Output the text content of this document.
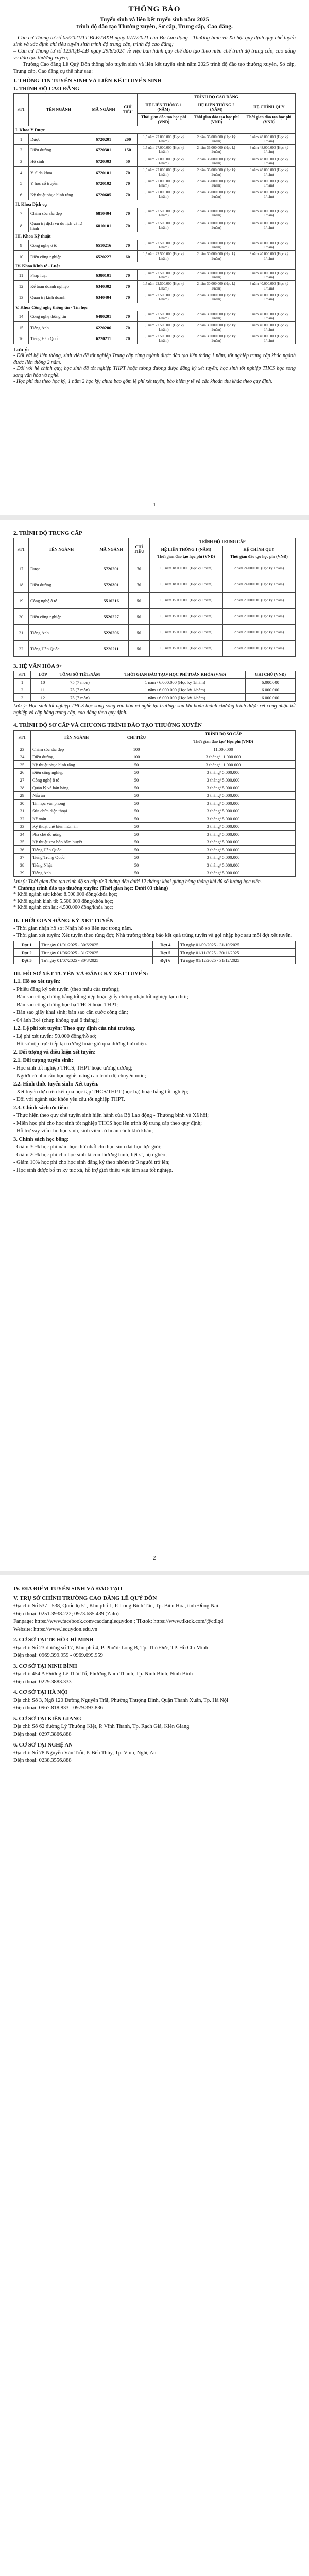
THÔNG BÁO
Tuyển sinh và liên kết tuyển sinh năm 2025
trình độ đào tạo Thường xuyên, Sơ cấp, Trung cấp, Cao đẳng.

– Căn cứ Thông tư số 05/2021/TT-BLĐTBXH ngày 07/7/2021 của Bộ Lao động - Thương binh và Xã hội quy định quy chế tuyển sinh và xác định chỉ tiêu tuyển sinh trình độ trung cấp, trình độ cao đẳng;

– Căn cứ Thông tư số 123/QĐ-LĐ ngày 29/8/2024 về việc ban hành quy chế đào tạo theo niên chế trình độ trung cấp, cao đẳng và đào tạo thường xuyên;

Trường Cao đẳng Lê Quý Đôn thông báo tuyển sinh và liên kết tuyển sinh năm 2025 trình độ đào tạo thường xuyên, Sơ cấp, Trung cấp, Cao đẳng cụ thể như sau:

I. THÔNG TIN TUYỂN SINH VÀ LIÊN KẾT TUYỂN SINH
1. TRÌNH ĐỘ CAO ĐẲNG
STT	TÊN NGÀNH	MÃ NGÀNH	CHỈ TIÊU	TRÌNH ĐỘ CAO ĐẲNG		
				HỆ LIÊN THÔNG 1 (NĂM)	HỆ LIÊN THÔNG 2 (NĂM)	HỆ CHÍNH QUY
				Thời gian đào tạo học phí (VNĐ)	Thời gian đào tạo học phí (VNĐ)	Thời gian đào tạo học phí (VNĐ)
I. Khoa Y Dược						
1	Dược	6720201	200	1,5 năm 27.000.000 (Học kỳ 1/năm)	2 năm 36.000.000 (Học kỳ 1/năm)	3 năm 48.000.000 (Học kỳ 1/năm)
2	Điều dưỡng	6720301	150	1,5 năm 27.000.000 (Học kỳ 1/năm)	2 năm 36.000.000 (Học kỳ 1/năm)	3 năm 48.000.000 (Học kỳ 1/năm)
3	Hộ sinh	6720303	50	1,5 năm 27.000.000 (Học kỳ 1/năm)	2 năm 36.000.000 (Học kỳ 1/năm)	3 năm 48.000.000 (Học kỳ 1/năm)
4	Y sĩ đa khoa	6720101	70	1,5 năm 27.000.000 (Học kỳ 1/năm)	2 năm 36.000.000 (Học kỳ 1/năm)	3 năm 48.000.000 (Học kỳ 1/năm)
5	Y học cổ truyền	6720102	70	1,5 năm 27.000.000 (Học kỳ 1/năm)	2 năm 36.000.000 (Học kỳ 1/năm)	3 năm 48.000.000 (Học kỳ 1/năm)
6	Kỹ thuật phục hình răng	6720605	70	1,5 năm 27.000.000 (Học kỳ 1/năm)	2 năm 36.000.000 (Học kỳ 1/năm)	3 năm 48.000.000 (Học kỳ 1/năm)
II. Khoa Dịch vụ						
7	Chăm sóc sắc đẹp	6810404	70	1,5 năm 22.500.000 (Học kỳ 1/năm)	2 năm 30.000.000 (Học kỳ 1/năm)	3 năm 40.000.000 (Học kỳ 1/năm)
8	Quản trị dịch vụ du lịch và lữ hành	6810101	70	1,5 năm 22.500.000 (Học kỳ 1/năm)	2 năm 30.000.000 (Học kỳ 1/năm)	3 năm 40.000.000 (Học kỳ 1/năm)
III. Khoa Kỹ thuật						
9	Công nghệ ô tô	6510216	70	1,5 năm 22.500.000 (Học kỳ 1/năm)	2 năm 30.000.000 (Học kỳ 1/năm)	3 năm 40.000.000 (Học kỳ 1/năm)
10	Điện công nghiệp	6520227	60	1,5 năm 22.500.000 (Học kỳ 1/năm)	2 năm 30.000.000 (Học kỳ 1/năm)	3 năm 40.000.000 (Học kỳ 1/năm)
IV. Khoa Kinh tế - Luật						
11	Pháp luật	6380101	70	1,5 năm 22.500.000 (Học kỳ 1/năm)	2 năm 30.000.000 (Học kỳ 1/năm)	3 năm 40.000.000 (Học kỳ 1/năm)
12	Kế toán doanh nghiệp	6340302	70	1,5 năm 22.500.000 (Học kỳ 1/năm)	2 năm 30.000.000 (Học kỳ 1/năm)	3 năm 40.000.000 (Học kỳ 1/năm)
13	Quản trị kinh doanh	6340404	70	1,5 năm 22.500.000 (Học kỳ 1/năm)	2 năm 30.000.000 (Học kỳ 1/năm)	3 năm 40.000.000 (Học kỳ 1/năm)
V. Khoa Công nghệ thông tin - Tin học						
14	Công nghệ thông tin	6480201	70	1,5 năm 22.500.000 (Học kỳ 1/năm)	2 năm 30.000.000 (Học kỳ 1/năm)	3 năm 40.000.000 (Học kỳ 1/năm)
15	Tiếng Anh	6220206	70	1,5 năm 22.500.000 (Học kỳ 1/năm)	2 năm 30.000.000 (Học kỳ 1/năm)	3 năm 40.000.000 (Học kỳ 1/năm)
16	Tiếng Hàn Quốc	6220211	70	1,5 năm 22.500.000 (Học kỳ 1/năm)	2 năm 30.000.000 (Học kỳ 1/năm)	3 năm 40.000.000 (Học kỳ 1/năm)
Lưu ý:

- Đối với hệ liên thông, sinh viên đã tốt nghiệp Trung cấp cùng ngành được đào tạo liên thông 1 năm; tốt nghiệp trung cấp khác ngành được liên thông 2 năm.

- Đối với hệ chính quy, học sinh đã tốt nghiệp THPT hoặc tương đương được đăng ký xét tuyển; học sinh tốt nghiệp THCS học song song văn hóa và nghề.

- Học phí thu theo học kỳ, 1 năm 2 học kỳ; chưa bao gồm lệ phí xét tuyển, bảo hiểm y tế và các khoản thu khác theo quy định.

1
2. TRÌNH ĐỘ TRUNG CẤP
STT	TÊN NGÀNH	MÃ NGÀNH	CHỈ TIÊU	TRÌNH ĐỘ TRUNG CẤP	
				HỆ LIÊN THÔNG 1 (NĂM)	HỆ CHÍNH QUY
				Thời gian đào tạo học phí (VNĐ)	Thời gian đào tạo học phí (VNĐ)
17	Dược	5720201	70	1,5 năm 18.000.000 (Học kỳ 1/năm)	2 năm 24.000.000 (Học kỳ 1/năm)
18	Điều dưỡng	5720301	70	1,5 năm 18.000.000 (Học kỳ 1/năm)	2 năm 24.000.000 (Học kỳ 1/năm)
19	Công nghệ ô tô	5510216	50	1,5 năm 15.000.000 (Học kỳ 1/năm)	2 năm 20.000.000 (Học kỳ 1/năm)
20	Điện công nghiệp	5520227	50	1,5 năm 15.000.000 (Học kỳ 1/năm)	2 năm 20.000.000 (Học kỳ 1/năm)
21	Tiếng Anh	5220206	50	1,5 năm 15.000.000 (Học kỳ 1/năm)	2 năm 20.000.000 (Học kỳ 1/năm)
22	Tiếng Hàn Quốc	5220211	50	1,5 năm 15.000.000 (Học kỳ 1/năm)	2 năm 20.000.000 (Học kỳ 1/năm)
3. HỆ VĂN HÓA 9+
STT	LỚP	TỔNG SỐ TIẾT/NĂM	THỜI GIAN ĐÀO TẠO/ HỌC PHÍ TOÀN KHÓA (VNĐ)	GHI CHÚ (VNĐ)
1	10	75 (7 môn)	1 năm / 6.000.000 (Học kỳ 1/năm)	6.000.000
2	11	75 (7 môn)	1 năm / 6.000.000 (Học kỳ 1/năm)	6.000.000
3	12	75 (7 môn)	1 năm / 6.000.000 (Học kỳ 1/năm)	6.000.000

Lưu ý: Học sinh tốt nghiệp THCS học song song văn hóa và nghề tại trường; sau khi hoàn thành chương trình được xét công nhận tốt nghiệp và cấp bằng trung cấp, cao đẳng theo quy định.

4. TRÌNH ĐỘ SƠ CẤP VÀ CHƯƠNG TRÌNH ĐÀO TẠO THƯỜNG XUYÊN
STT	TÊN NGÀNH	CHỈ TIÊU	TRÌNH ĐỘ SƠ CẤP
			Thời gian đào tạo/ Học phí (VNĐ)
23	Chăm sóc sắc đẹp	100	11.000.000
24	Điều dưỡng	100	3 tháng/ 11.000.000
25	Kỹ thuật phục hình răng	50	3 tháng/ 11.000.000
26	Điện công nghiệp	50	3 tháng/ 5.000.000
27	Công nghệ ô tô	50	3 tháng/ 5.000.000
28	Quản lý và bán hàng	50	3 tháng/ 5.000.000
29	Nấu ăn	50	3 tháng/ 5.000.000
30	Tin học văn phòng	50	3 tháng/ 5.000.000
31	Sửa chữa điện thoại	50	3 tháng/ 5.000.000
32	Kế toán	50	3 tháng/ 5.000.000
33	Kỹ thuật chế biến món ăn	50	3 tháng/ 5.000.000
34	Pha chế đồ uống	50	3 tháng/ 5.000.000
35	Kỹ thuật xoa bóp bấm huyệt	50	3 tháng/ 5.000.000
36	Tiếng Hàn Quốc	50	3 tháng/ 5.000.000
37	Tiếng Trung Quốc	50	3 tháng/ 5.000.000
38	Tiếng Nhật	50	3 tháng/ 5.000.000
39	Tiếng Anh	50	3 tháng/ 5.000.000

Lưu ý: Thời gian đào tạo trình độ sơ cấp từ 3 tháng đến dưới 12 tháng; khai giảng hàng tháng khi đủ số lượng học viên.

* Chương trình đào tạo thường xuyên: (Thời gian học: Dưới 03 tháng)

* Khối ngành sức khỏe: 8.500.000 đồng/khóa học;

* Khối ngành kinh tế: 5.500.000 đồng/khóa học;

* Khối ngành còn lại: 4.500.000 đồng/khóa học;

II. THỜI GIAN ĐĂNG KÝ XÉT TUYỂN

- Thời gian nhận hồ sơ: Nhận hồ sơ liên tục trong năm.

- Thời gian xét tuyển: Xét tuyển theo từng đợt; Nhà trường thông báo kết quả trúng tuyển và gọi nhập học sau mỗi đợt xét tuyển.

Đợt 1	Từ ngày 01/01/2025 - 30/6/2025	Đợt 4	Từ ngày 01/09/2025 - 31/10/2025
Đợt 2	Từ ngày 01/06/2025 - 31/7/2025	Đợt 5	Từ ngày 01/11/2025 - 30/11/2025
Đợt 3	Từ ngày 01/07/2025 - 30/8/2025	Đợt 6	Từ ngày 01/12/2025 - 31/12/2025
III. HỒ SƠ XÉT TUYỂN VÀ ĐĂNG KÝ XÉT TUYỂN:

1.1. Hồ sơ xét tuyển:

- Phiếu đăng ký xét tuyển (theo mẫu của trường);

- Bản sao công chứng bằng tốt nghiệp hoặc giấy chứng nhận tốt nghiệp tạm thời;

- Bản sao công chứng học bạ THCS hoặc THPT;

- Bản sao giấy khai sinh; bản sao căn cước công dân;

- 04 ảnh 3x4 (chụp không quá 6 tháng);

1.2. Lệ phí xét tuyển: Theo quy định của nhà trường.

- Lệ phí xét tuyển: 50.000 đồng/hồ sơ;

- Hồ sơ nộp trực tiếp tại trường hoặc gửi qua đường bưu điện.

2. Đối tượng và điều kiện xét tuyển:

2.1. Đối tượng tuyển sinh:

- Học sinh tốt nghiệp THCS, THPT hoặc tương đương;

- Người có nhu cầu học nghề, nâng cao trình độ chuyên môn;

2.2. Hình thức tuyển sinh: Xét tuyển.

- Xét tuyển dựa trên kết quả học tập THCS/THPT (học bạ) hoặc bằng tốt nghiệp;

- Đối với ngành sức khỏe yêu cầu tốt nghiệp THPT.

2.3. Chính sách ưu tiên:

- Thực hiện theo quy chế tuyển sinh hiện hành của Bộ Lao động - Thương binh và Xã hội;

- Miễn học phí cho học sinh tốt nghiệp THCS học lên trình độ trung cấp theo quy định;

- Hỗ trợ vay vốn cho học sinh, sinh viên có hoàn cảnh khó khăn;

3. Chính sách học bổng:

- Giảm 30% học phí năm học thứ nhất cho học sinh đạt học lực giỏi;

- Giảm 20% học phí cho học sinh là con thương binh, liệt sĩ, hộ nghèo;

- Giảm 10% học phí cho học sinh đăng ký theo nhóm từ 3 người trở lên;

- Học sinh được bố trí ký túc xá, hỗ trợ giới thiệu việc làm sau tốt nghiệp.

2
IV. ĐỊA ĐIỂM TUYỂN SINH VÀ ĐÀO TẠO
V. TRỤ SỞ CHÍNH TRƯỜNG CAO ĐẲNG LÊ QUÝ ĐÔN

Địa chỉ: Số 537 - 538, Quốc lộ 51, Khu phố 1, P. Long Bình Tân, Tp. Biên Hòa, tỉnh Đồng Nai.

Điện thoại: 0251.3938.222; 0973.685.439 (Zalo)

Fanpage: https://www.facebook.com/caodanglequydon ; Tiktok: https://www.tiktok.com/@cdlqd

Website: https://www.lequydon.edu.vn

2. CƠ SỞ TẠI TP. HỒ CHÍ MINH

Địa chỉ: Số 23 đường số 17, Khu phố 4, P. Phước Long B, Tp. Thủ Đức, TP. Hồ Chí Minh

Điện thoại: 0969.399.959 - 0969.699.959

3. CƠ SỞ TẠI NINH BÌNH

Địa chỉ: 454 A Đường Lê Thái Tổ, Phường Nam Thành, Tp. Ninh Bình, Ninh Bình

Điện thoại: 0229.3883.333

4. CƠ SỞ TẠI HÀ NỘI

Địa chỉ: Số 3, Ngõ 120 Đường Nguyễn Trãi, Phường Thượng Đình, Quận Thanh Xuân, Tp. Hà Nội

Điện thoại: 0967.818.833 - 0979.393.836

5. CƠ SỞ TẠI KIÊN GIANG

Địa chỉ: Số 62 đường Lý Thường Kiệt, P. Vĩnh Thanh, Tp. Rạch Giá, Kiên Giang

Điện thoại: 0297.3866.888

6. CƠ SỞ TẠI NGHỆ AN

Địa chỉ: Số 78 Nguyễn Văn Trỗi, P. Bến Thủy, Tp. Vinh, Nghệ An

Điện thoại: 0238.3556.888
